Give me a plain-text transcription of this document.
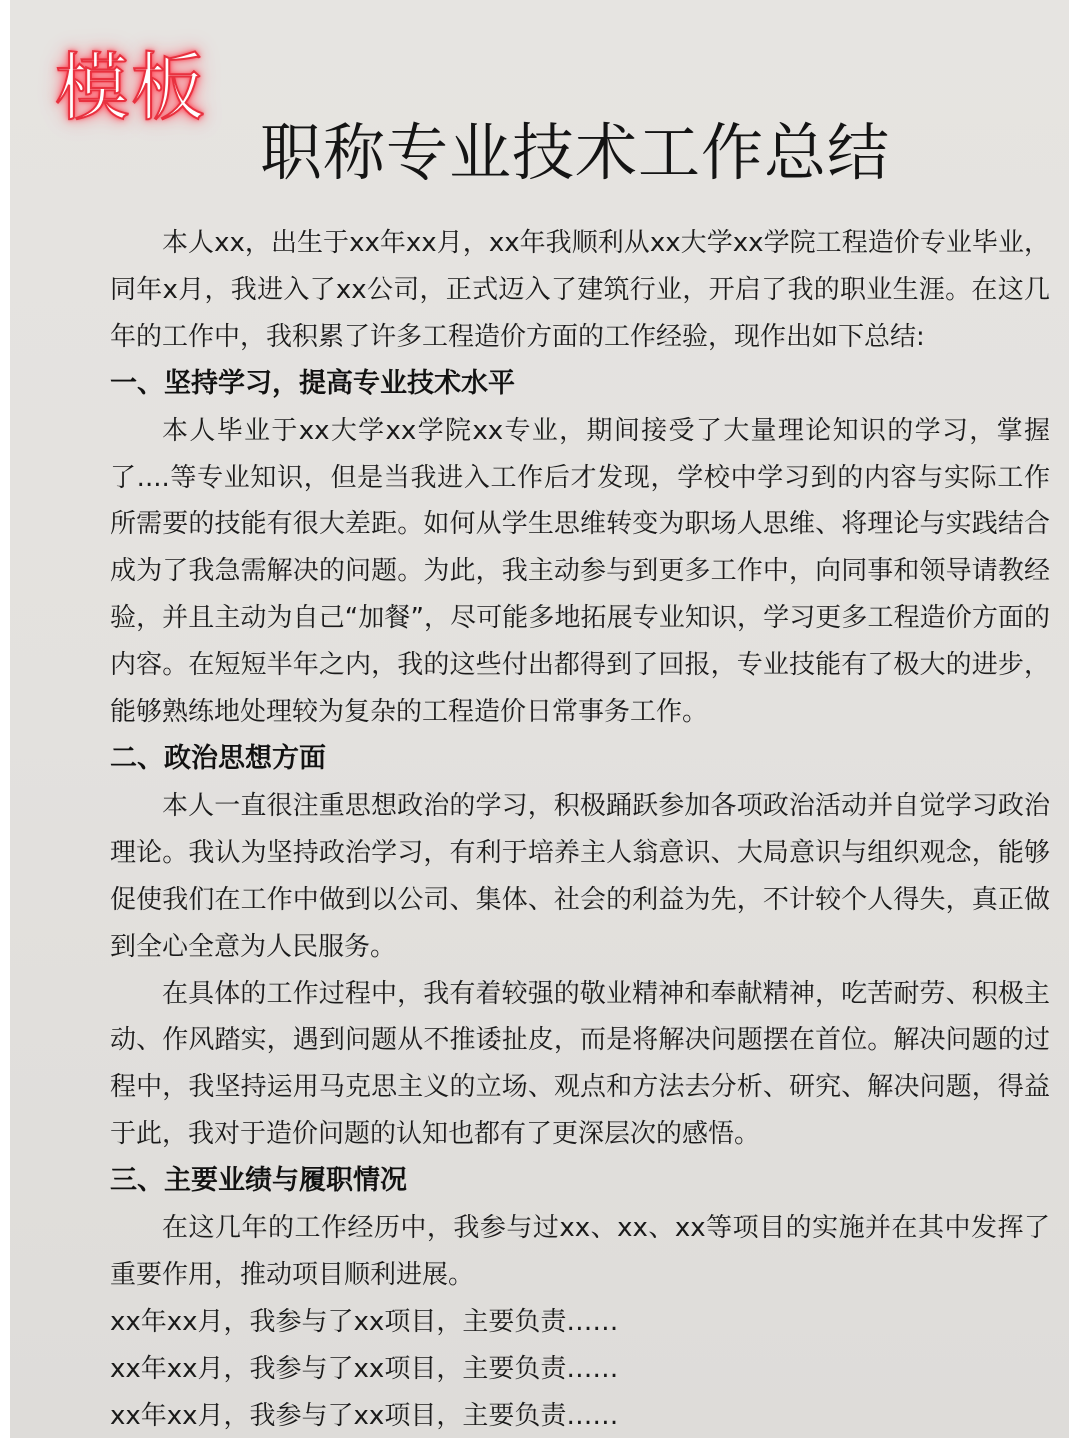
模板
职称专业技术工作总结

本人xx，出生于xx年xx月，xx年我顺利从xx大学xx学院工程造价专业毕业，同年x月，我进入了xx公司，正式迈入了建筑行业，开启了我的职业生涯。在这几年的工作中，我积累了许多工程造价方面的工作经验，现作出如下总结:

一、坚持学习，提高专业技术水平

本人毕业于xx大学xx学院xx专业，期间接受了大量理论知识的学习，掌握了....等专业知识，但是当我进入工作后才发现，学校中学习到的内容与实际工作所需要的技能有很大差距。如何从学生思维转变为职场人思维、将理论与实践结合成为了我急需解决的问题。为此，我主动参与到更多工作中，向同事和领导请教经验，并且主动为自己“加餐”，尽可能多地拓展专业知识，学习更多工程造价方面的内容。在短短半年之内，我的这些付出都得到了回报，专业技能有了极大的进步，能够熟练地处理较为复杂的工程造价日常事务工作。

二、政治思想方面

本人一直很注重思想政治的学习，积极踊跃参加各项政治活动并自觉学习政治理论。我认为坚持政治学习，有利于培养主人翁意识、大局意识与组织观念，能够促使我们在工作中做到以公司、集体、社会的利益为先，不计较个人得失，真正做到全心全意为人民服务。

在具体的工作过程中，我有着较强的敬业精神和奉献精神，吃苦耐劳、积极主动、作风踏实，遇到问题从不推诿扯皮，而是将解决问题摆在首位。解决问题的过程中，我坚持运用马克思主义的立场、观点和方法去分析、研究、解决问题，得益于此，我对于造价问题的认知也都有了更深层次的感悟。

三、主要业绩与履职情况

在这几年的工作经历中，我参与过xx、xx、xx等项目的实施并在其中发挥了重要作用，推动项目顺利进展。

xx年xx月，我参与了xx项目，主要负责……

xx年xx月，我参与了xx项目，主要负责……

xx年xx月，我参与了xx项目，主要负责……
